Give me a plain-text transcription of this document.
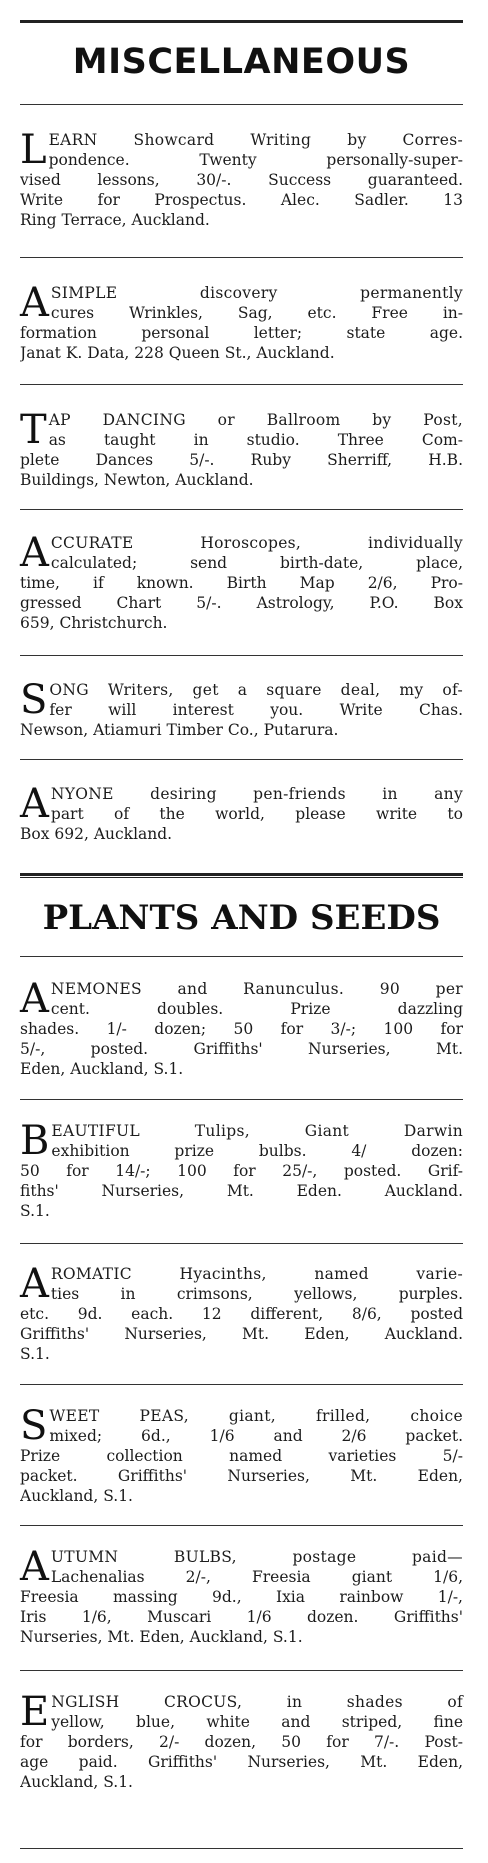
MISCELLANEOUS
L EARN Showcard Writing by Corres-
pondence. Twenty personally-super-
vised lessons, 30/-. Success guaranteed.
Write for Prospectus. Alec. Sadler. 13
Ring Terrace, Auckland.
A SIMPLE discovery permanently
cures Wrinkles, Sag, etc. Free in-
formation personal letter; state age.
Janat K. Data, 228 Queen St., Auckland.
T AP DANCING or Ballroom by Post,
as taught in studio. Three Com-
plete Dances 5/-. Ruby Sherriff, H.B.
Buildings, Newton, Auckland.
A CCURATE Horoscopes, individually
calculated; send birth-date, place,
time, if known. Birth Map 2/6, Pro-
gressed Chart 5/-. Astrology, P.O. Box
659, Christchurch.
S ONG Writers, get a square deal, my of-
fer will interest you. Write Chas.
Newson, Atiamuri Timber Co., Putarura.
A NYONE desiring pen-friends in any
part of the world, please write to
Box 692, Auckland.
PLANTS AND SEEDS
A NEMONES and Ranunculus. 90 per
cent. doubles. Prize dazzling
shades. 1/- dozen; 50 for 3/-; 100 for
5/-, posted. Griffiths' Nurseries, Mt.
Eden, Auckland, S.1.
B EAUTIFUL Tulips, Giant Darwin
exhibition prize bulbs. 4/ dozen:
50 for 14/-; 100 for 25/-, posted. Grif-
fiths' Nurseries, Mt. Eden. Auckland.
S.1.
A ROMATIC Hyacinths, named varie-
ties in crimsons, yellows, purples.
etc. 9d. each. 12 different, 8/6, posted
Griffiths' Nurseries, Mt. Eden, Auckland.
S.1.
S WEET PEAS, giant, frilled, choice
mixed; 6d., 1/6 and 2/6 packet.
Prize collection named varieties 5/-
packet. Griffiths' Nurseries, Mt. Eden,
Auckland, S.1.
A UTUMN BULBS, postage paid—
Lachenalias 2/-, Freesia giant 1/6,
Freesia massing 9d., Ixia rainbow 1/-,
Iris 1/6, Muscari 1/6 dozen. Griffiths'
Nurseries, Mt. Eden, Auckland, S.1.
E NGLISH CROCUS, in shades of
yellow, blue, white and striped, fine
for borders, 2/- dozen, 50 for 7/-. Post-
age paid. Griffiths' Nurseries, Mt. Eden,
Auckland, S.1.
